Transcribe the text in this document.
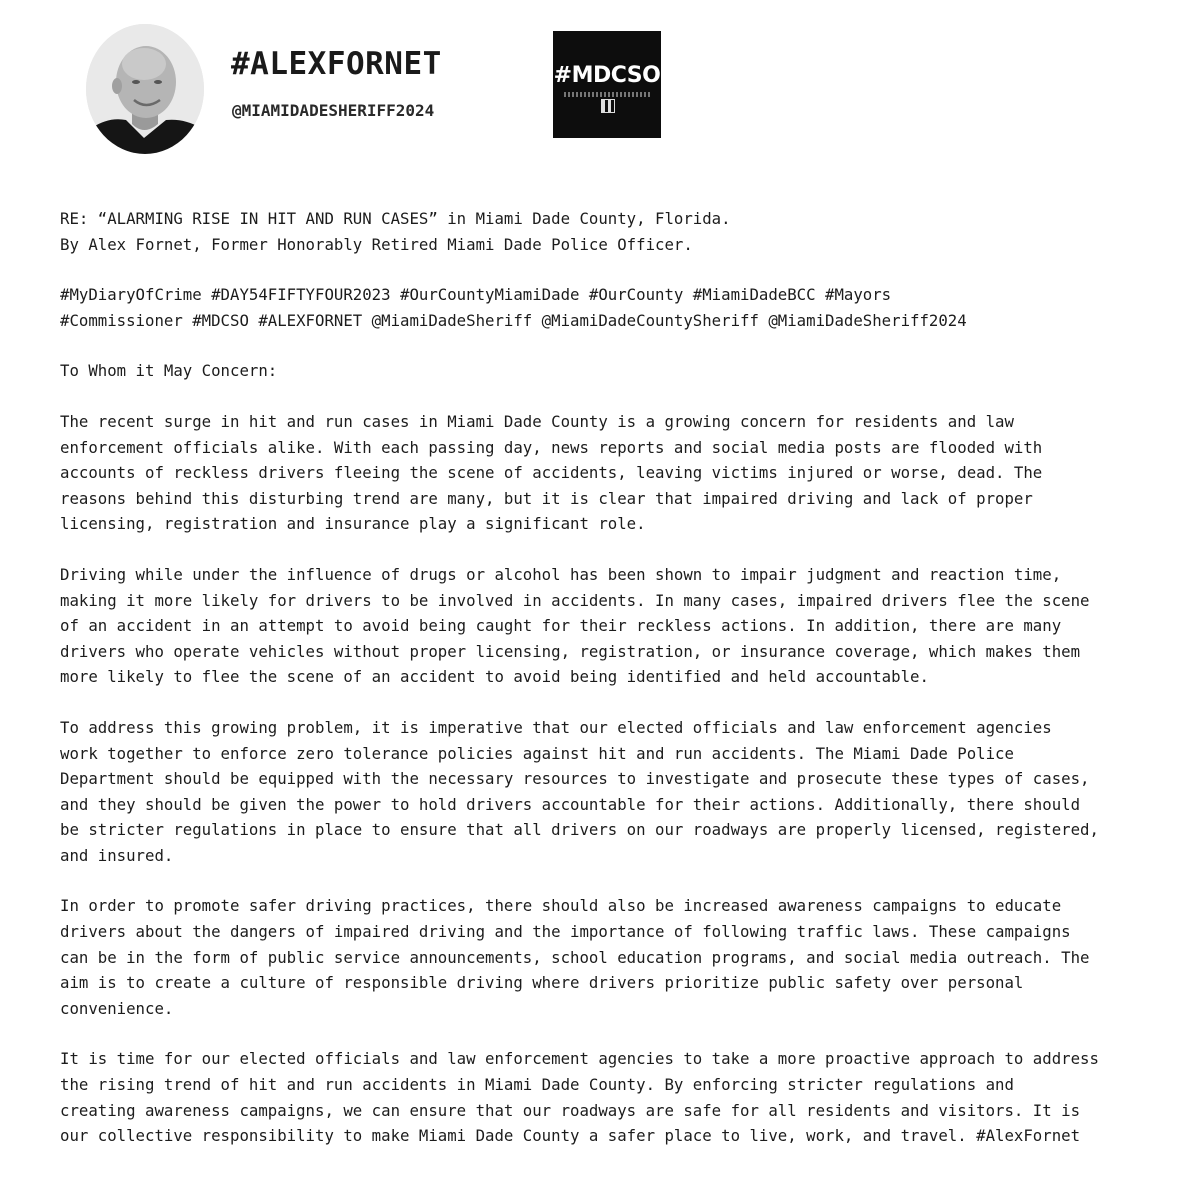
#ALEXFORNET
@MIAMIDADESHERIFF2024
#MDCSO

RE: “ALARMING RISE IN HIT AND RUN CASES” in Miami Dade County, Florida.

By Alex Fornet, Former Honorably Retired Miami Dade Police Officer.

#MyDiaryOfCrime #DAY54FIFTYFOUR2023 #OurCountyMiamiDade #OurCounty #MiamiDadeBCC #Mayors

#Commissioner #MDCSO #ALEXFORNET @MiamiDadeSheriff @MiamiDadeCountySheriff @MiamiDadeSheriff2024

To Whom it May Concern:

The recent surge in hit and run cases in Miami Dade County is a growing concern for residents and law
enforcement officials alike. With each passing day, news reports and social media posts are flooded with
accounts of reckless drivers fleeing the scene of accidents, leaving victims injured or worse, dead. The
reasons behind this disturbing trend are many, but it is clear that impaired driving and lack of proper
licensing, registration and insurance play a significant role.

Driving while under the influence of drugs or alcohol has been shown to impair judgment and reaction time,
making it more likely for drivers to be involved in accidents. In many cases, impaired drivers flee the scene
of an accident in an attempt to avoid being caught for their reckless actions. In addition, there are many
drivers who operate vehicles without proper licensing, registration, or insurance coverage, which makes them
more likely to flee the scene of an accident to avoid being identified and held accountable.

To address this growing problem, it is imperative that our elected officials and law enforcement agencies
work together to enforce zero tolerance policies against hit and run accidents. The Miami Dade Police
Department should be equipped with the necessary resources to investigate and prosecute these types of cases,
and they should be given the power to hold drivers accountable for their actions. Additionally, there should
be stricter regulations in place to ensure that all drivers on our roadways are properly licensed, registered,
and insured.

In order to promote safer driving practices, there should also be increased awareness campaigns to educate
drivers about the dangers of impaired driving and the importance of following traffic laws. These campaigns
can be in the form of public service announcements, school education programs, and social media outreach. The
aim is to create a culture of responsible driving where drivers prioritize public safety over personal
convenience.

It is time for our elected officials and law enforcement agencies to take a more proactive approach to address
the rising trend of hit and run accidents in Miami Dade County. By enforcing stricter regulations and
creating awareness campaigns, we can ensure that our roadways are safe for all residents and visitors. It is
our collective responsibility to make Miami Dade County a safer place to live, work, and travel. #AlexFornet
